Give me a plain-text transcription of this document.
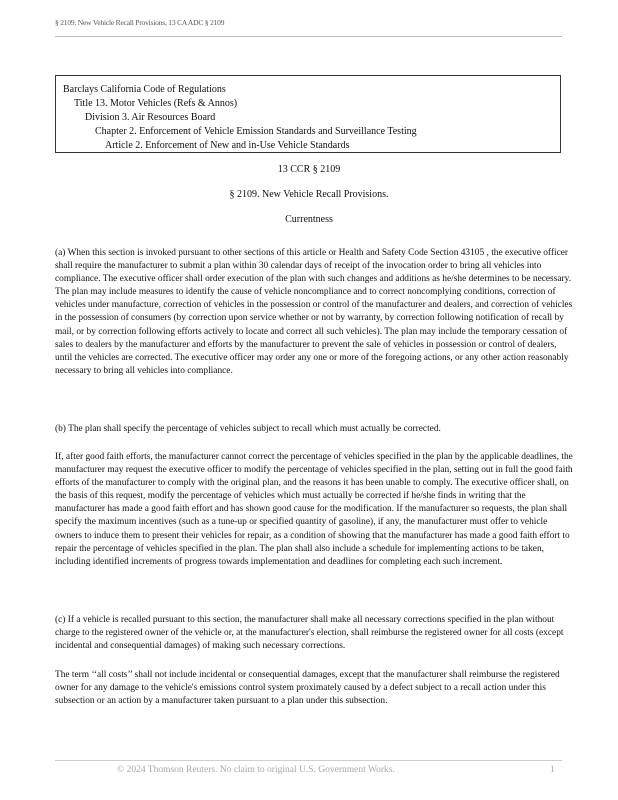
§ 2109. New Vehicle Recall Provisions, 13 CA ADC § 2109
Barclays California Code of Regulations
Title 13. Motor Vehicles (Refs & Annos)
Division 3. Air Resources Board
Chapter 2. Enforcement of Vehicle Emission Standards and Surveillance Testing
Article 2. Enforcement of New and in-Use Vehicle Standards
13 CCR § 2109
§ 2109. New Vehicle Recall Provisions.
Currentness

(a) When this section is invoked pursuant to other sections of this article or Health and Safety Code Section 43105 , the executive officer shall require the manufacturer to submit a plan within 30 calendar days of receipt of the invocation order to bring all vehicles into compliance. The executive officer shall order execution of the plan with such changes and additions as he/she determines to be necessary. The plan may include measures to identify the cause of vehicle noncompliance and to correct noncomplying conditions, correction of vehicles under manufacture, correction of vehicles in the possession or control of the manufacturer and dealers, and correction of vehicles in the possession of consumers (by correction upon service whether or not by warranty, by correction following notification of recall by mail, or by correction following efforts actively to locate and correct all such vehicles). The plan may include the temporary cessation of sales to dealers by the manufacturer and efforts by the manufacturer to prevent the sale of vehicles in possession or control of dealers, until the vehicles are corrected. The executive officer may order any one or more of the foregoing actions, or any other action reasonably necessary to bring all vehicles into compliance.

(b) The plan shall specify the percentage of vehicles subject to recall which must actually be corrected.

If, after good faith efforts, the manufacturer cannot correct the percentage of vehicles specified in the plan by the applicable deadlines, the manufacturer may request the executive officer to modify the percentage of vehicles specified in the plan, setting out in full the good faith efforts of the manufacturer to comply with the original plan, and the reasons it has been unable to comply. The executive officer shall, on the basis of this request, modify the percentage of vehicles which must actually be corrected if he/she finds in writing that the manufacturer has made a good faith effort and has shown good cause for the modification. If the manufacturer so requests, the plan shall specify the maximum incentives (such as a tune-up or specified quantity of gasoline), if any, the manufacturer must offer to vehicle owners to induce them to present their vehicles for repair, as a condition of showing that the manufacturer has made a good faith effort to repair the percentage of vehicles specified in the plan. The plan shall also include a schedule for implementing actions to be taken, including identified increments of progress towards implementation and deadlines for completing each such increment.

(c) If a vehicle is recalled pursuant to this section, the manufacturer shall make all necessary corrections specified in the plan without charge to the registered owner of the vehicle or, at the manufacturer's election, shall reimburse the registered owner for all costs (except incidental and consequential damages) of making such necessary corrections.

The term ‘‘all costs’’ shall not include incidental or consequential damages, except that the manufacturer shall reimburse the registered owner for any damage to the vehicle's emissions control system proximately caused by a defect subject to a recall action under this subsection or an action by a manufacturer taken pursuant to a plan under this subsection.

© 2024 Thomson Reuters. No claim to original U.S. Government Works.	1
